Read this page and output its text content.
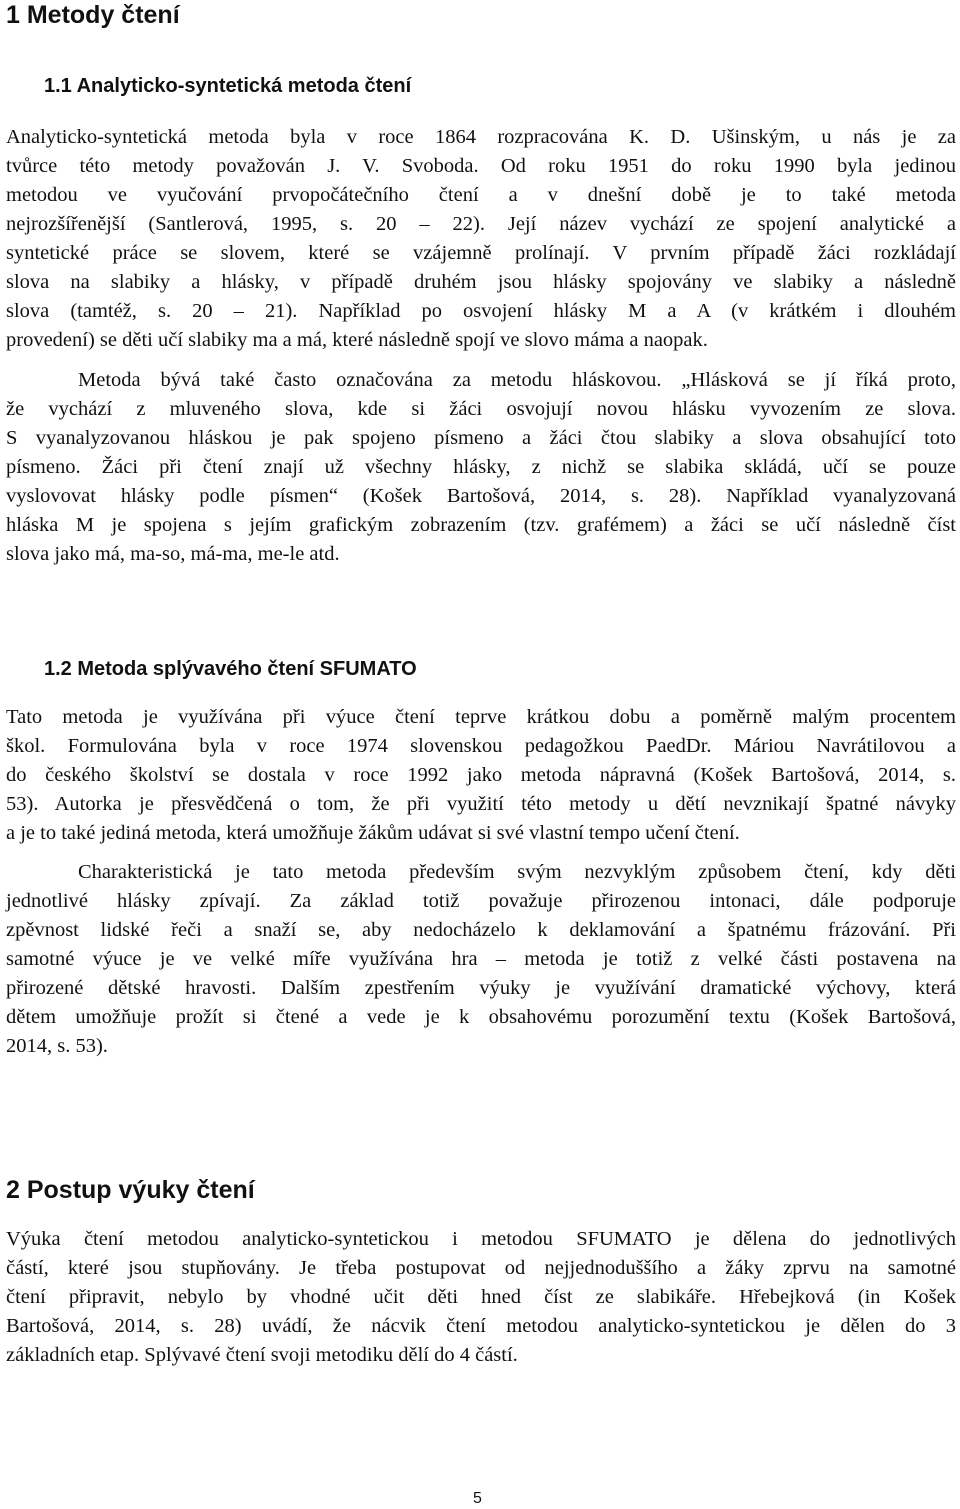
1 Metody čtení
1.1 Analyticko-syntetická metoda čtení
Analyticko-syntetická metoda byla v roce 1864 rozpracována K. D. Ušinským, u nás je za
tvůrce této metody považován J. V. Svoboda. Od roku 1951 do roku 1990 byla jedinou
metodou ve vyučování prvopočátečního čtení a v dnešní době je to také metoda
nejrozšířenější (Santlerová, 1995, s. 20 – 22). Její název vychází ze spojení analytické a
syntetické práce se slovem, které se vzájemně prolínají. V prvním případě žáci rozkládají
slova na slabiky a hlásky, v případě druhém jsou hlásky spojovány ve slabiky a následně
slova (tamtéž, s. 20 – 21). Například po osvojení hlásky M a A (v krátkém i dlouhém
provedení) se děti učí slabiky ma a má, které následně spojí ve slovo máma a naopak.
Metoda bývá také často označována za metodu hláskovou. „Hlásková se jí říká proto,
že vychází z mluveného slova, kde si žáci osvojují novou hlásku vyvozením ze slova.
S vyanalyzovanou hláskou je pak spojeno písmeno a žáci čtou slabiky a slova obsahující toto
písmeno. Žáci při čtení znají už všechny hlásky, z nichž se slabika skládá, učí se pouze
vyslovovat hlásky podle písmen“ (Košek Bartošová, 2014, s. 28). Například vyanalyzovaná
hláska M je spojena s jejím grafickým zobrazením (tzv. grafémem) a žáci se učí následně číst
slova jako má, ma-so, má-ma, me-le atd.
1.2 Metoda splývavého čtení SFUMATO
Tato metoda je využívána při výuce čtení teprve krátkou dobu a poměrně malým procentem
škol. Formulována byla v roce 1974 slovenskou pedagožkou PaedDr. Máriou Navrátilovou a
do českého školství se dostala v roce 1992 jako metoda nápravná (Košek Bartošová, 2014, s.
53). Autorka je přesvědčená o tom, že při využití této metody u dětí nevznikají špatné návyky
a je to také jediná metoda, která umožňuje žákům udávat si své vlastní tempo učení čtení.
Charakteristická je tato metoda především svým nezvyklým způsobem čtení, kdy děti
jednotlivé hlásky zpívají. Za základ totiž považuje přirozenou intonaci, dále podporuje
zpěvnost lidské řeči a snaží se, aby nedocházelo k deklamování a špatnému frázování. Při
samotné výuce je ve velké míře využívána hra – metoda je totiž z velké části postavena na
přirozené dětské hravosti. Dalším zpestřením výuky je využívání dramatické výchovy, která
dětem umožňuje prožít si čtené a vede je k obsahovému porozumění textu (Košek Bartošová,
2014, s. 53).
2 Postup výuky čtení
Výuka čtení metodou analyticko-syntetickou i metodou SFUMATO je dělena do jednotlivých
částí, které jsou stupňovány. Je třeba postupovat od nejjednoduššího a žáky zprvu na samotné
čtení připravit, nebylo by vhodné učit děti hned číst ze slabikáře. Hřebejková (in Košek
Bartošová, 2014, s. 28) uvádí, že nácvik čtení metodou analyticko-syntetickou je dělen do 3
základních etap. Splývavé čtení svoji metodiku dělí do 4 částí.
5
